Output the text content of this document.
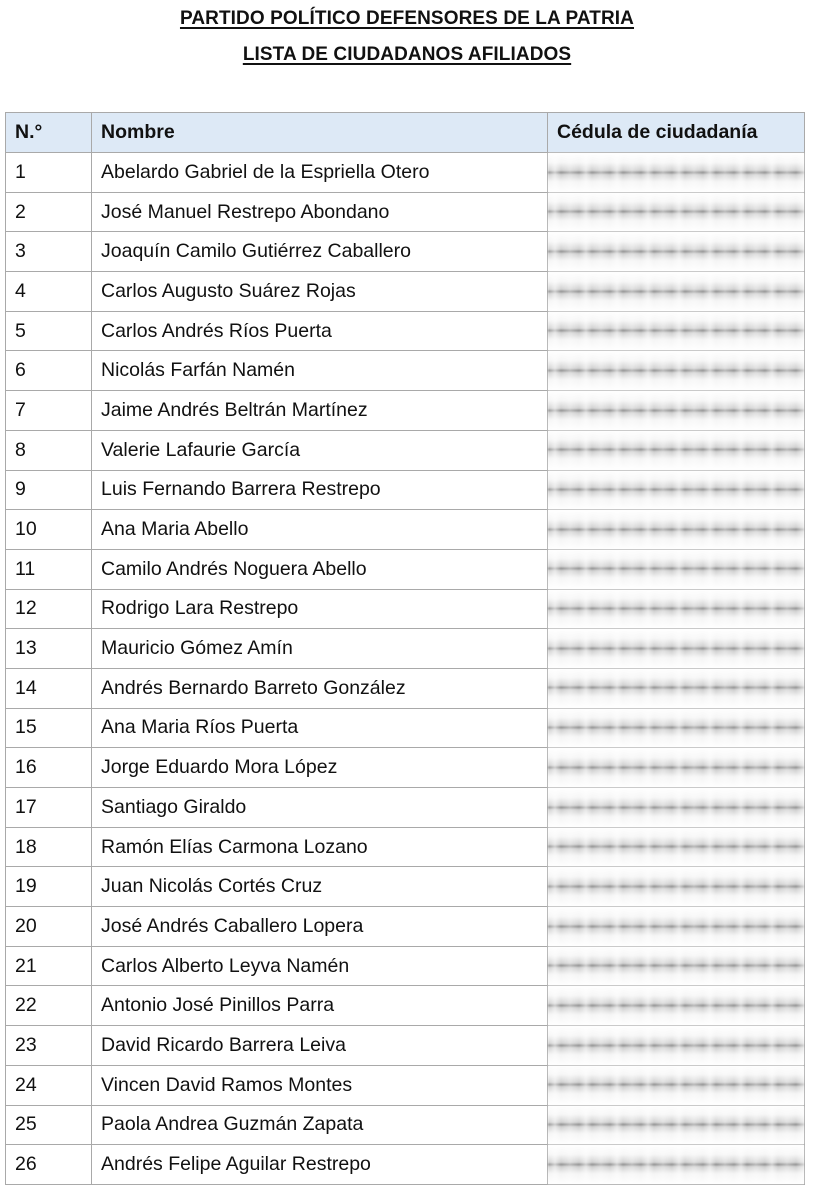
PARTIDO POLÍTICO DEFENSORES DE LA PATRIA
LISTA DE CIUDADANOS AFILIADOS
N.°	Nombre	Cédula de ciudadanía
1	Abelardo Gabriel de la Espriella Otero	

2	José Manuel Restrepo Abondano	

3	Joaquín Camilo Gutiérrez Caballero	

4	Carlos Augusto Suárez Rojas	

5	Carlos Andrés Ríos Puerta	

6	Nicolás Farfán Namén	

7	Jaime Andrés Beltrán Martínez	

8	Valerie Lafaurie García	

9	Luis Fernando Barrera Restrepo	

10	Ana Maria Abello	

11	Camilo Andrés Noguera Abello	

12	Rodrigo Lara Restrepo	

13	Mauricio Gómez Amín	

14	Andrés Bernardo Barreto González	

15	Ana Maria Ríos Puerta	

16	Jorge Eduardo Mora López	

17	Santiago Giraldo	

18	Ramón Elías Carmona Lozano	

19	Juan Nicolás Cortés Cruz	

20	José Andrés Caballero Lopera	

21	Carlos Alberto Leyva Namén	

22	Antonio José Pinillos Parra	

23	David Ricardo Barrera Leiva	

24	Vincen David Ramos Montes	

25	Paola Andrea Guzmán Zapata	

26	Andrés Felipe Aguilar Restrepo	
